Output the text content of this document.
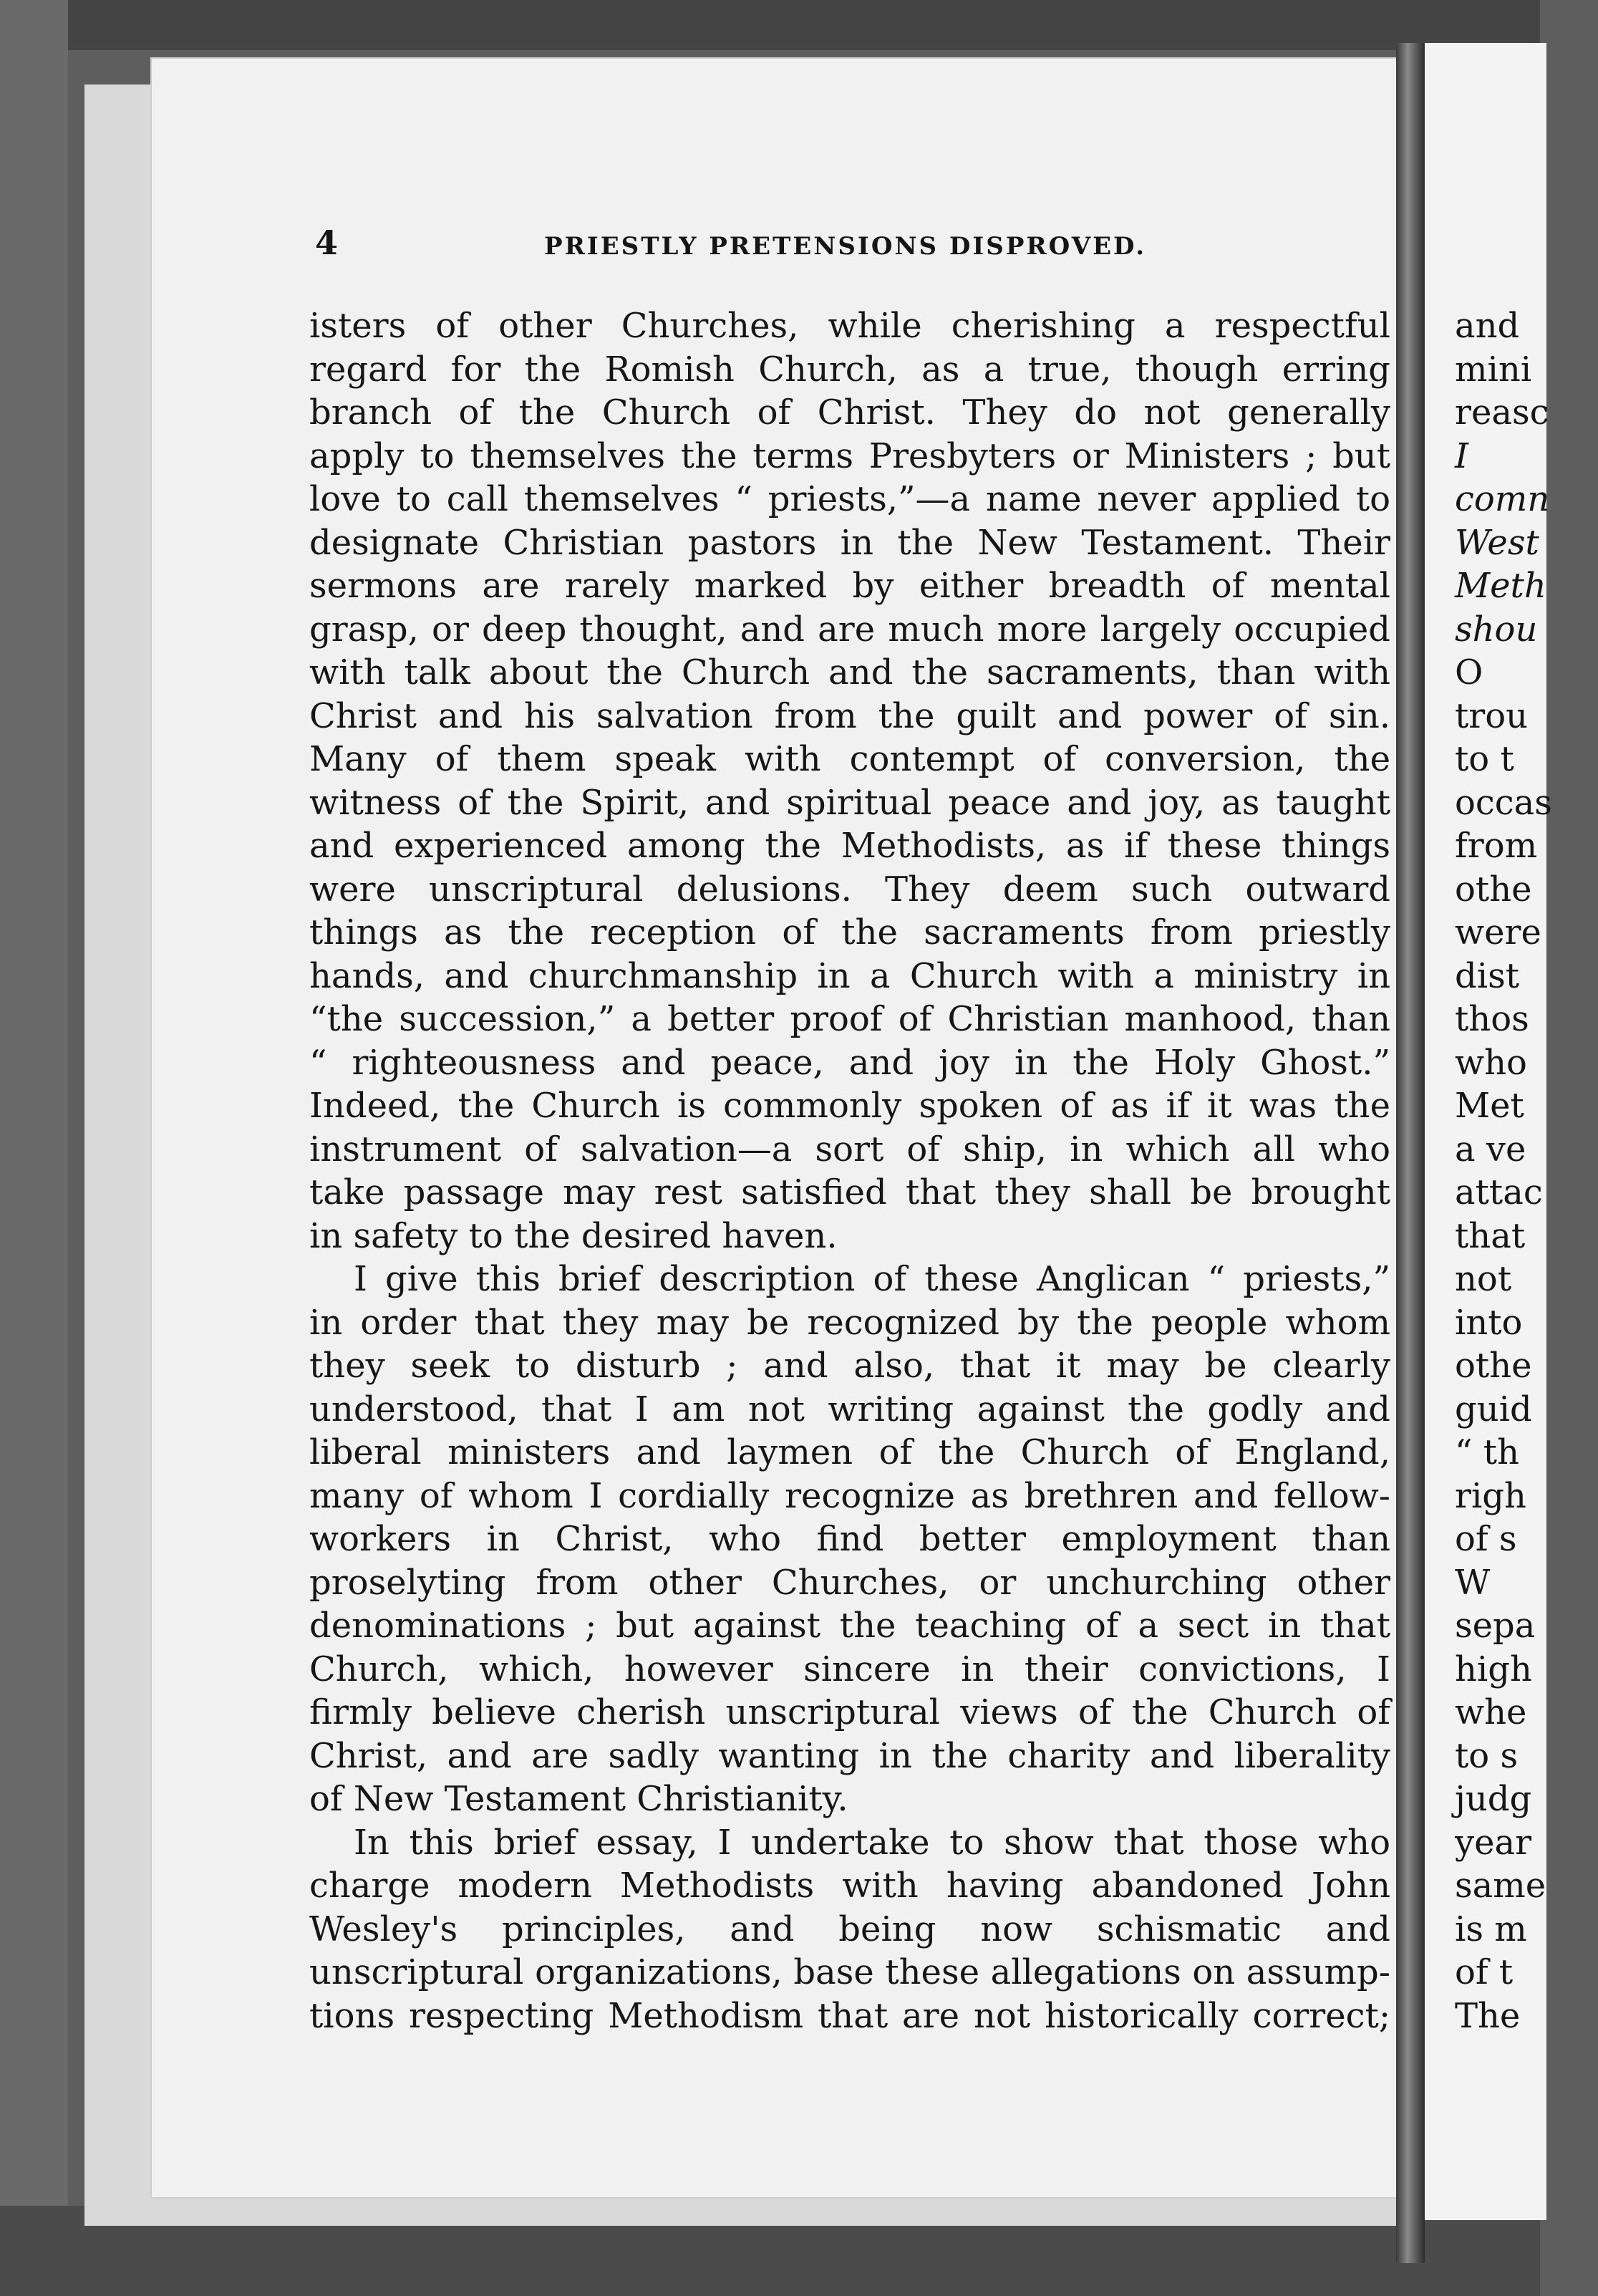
4	PRIESTLY PRETENSIONS DISPROVED.
isters of other Churches, while cherishing a respectful
regard for the Romish Church, as a true, though erring
branch of the Church of Christ. They do not generally
apply to themselves the terms Presbyters or Ministers ; but
love to call themselves “ priests,”—a name never applied to
designate Christian pastors in the New Testament. Their
sermons are rarely marked by either breadth of mental
grasp, or deep thought, and are much more largely occupied
with talk about the Church and the sacraments, than with
Christ and his salvation from the guilt and power of sin.
Many of them speak with contempt of conversion, the
witness of the Spirit, and spiritual peace and joy, as taught
and experienced among the Methodists, as if these things
were unscriptural delusions. They deem such outward
things as the reception of the sacraments from priestly
hands, and churchmanship in a Church with a ministry in
“the succession,” a better proof of Christian manhood, than
“ righteousness and peace, and joy in the Holy Ghost.”
Indeed, the Church is commonly spoken of as if it was the
instrument of salvation—a sort of ship, in which all who
take passage may rest satisfied that they shall be brought
in safety to the desired haven.
I give this brief description of these Anglican “ priests,”
in order that they may be recognized by the people whom
they seek to disturb ; and also, that it may be clearly
understood, that I am not writing against the godly and
liberal ministers and laymen of the Church of England,
many of whom I cordially recognize as brethren and fellow-
workers in Christ, who find better employment than
proselyting from other Churches, or unchurching other
denominations ; but against the teaching of a sect in that
Church, which, however sincere in their convictions, I
firmly believe cherish unscriptural views of the Church of
Christ, and are sadly wanting in the charity and liberality
of New Testament Christianity.
In this brief essay, I undertake to show that those who
charge modern Methodists with having abandoned John
Wesley's principles, and being now schismatic and
unscriptural organizations, base these allegations on assump-
tions respecting Methodism that are not historically correct;
and
mini
reasc
I
comn
West
Meth
shou
O
trou
to t
occas
from
othe
were
dist
thos
who
Met
a ve
attac
that
not
into
othe
guid
“ th
righ
of s
W
sepa
high
whe
to s
judg
year
same
is m
of t
The
